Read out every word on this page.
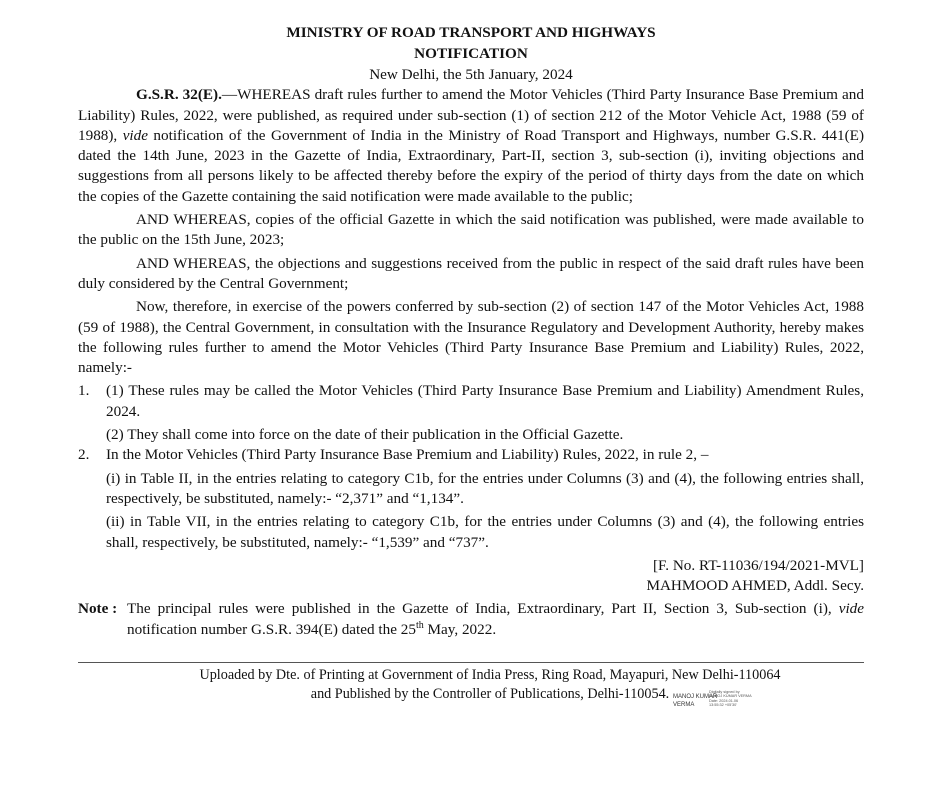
MINISTRY OF ROAD TRANSPORT AND HIGHWAYS
NOTIFICATION
New Delhi, the 5th January, 2024

G.S.R. 32(E).—WHEREAS draft rules further to amend the Motor Vehicles (Third Party Insurance Base Premium and Liability) Rules, 2022, were published, as required under sub-section (1) of section 212 of the Motor Vehicle Act, 1988 (59 of 1988), vide notification of the Government of India in the Ministry of Road Transport and Highways, number G.S.R. 441(E) dated the 14th June, 2023 in the Gazette of India, Extraordinary, Part-II, section 3, sub-section (i), inviting objections and suggestions from all persons likely to be affected thereby before the expiry of the period of thirty days from the date on which the copies of the Gazette containing the said notification were made available to the public;

AND WHEREAS, copies of the official Gazette in which the said notification was published, were made available to the public on the 15th June, 2023;

AND WHEREAS, the objections and suggestions received from the public in respect of the said draft rules have been duly considered by the Central Government;

Now, therefore, in exercise of the powers conferred by sub-section (2) of section 147 of the Motor Vehicles Act, 1988 (59 of 1988), the Central Government, in consultation with the Insurance Regulatory and Development Authority, hereby makes the following rules further to amend the Motor Vehicles (Third Party Insurance Base Premium and Liability) Rules, 2022, namely:-

1. (1) These rules may be called the Motor Vehicles (Third Party Insurance Base Premium and Liability) Amendment Rules, 2024.
(2) They shall come into force on the date of their publication in the Official Gazette.
2. In the Motor Vehicles (Third Party Insurance Base Premium and Liability) Rules, 2022, in rule 2, –
(i) in Table II, in the entries relating to category C1b, for the entries under Columns (3) and (4), the following entries shall, respectively, be substituted, namely:- “2,371” and “1,134”.
(ii) in Table VII, in the entries relating to category C1b, for the entries under Columns (3) and (4), the following entries shall, respectively, be substituted, namely:- “1,539” and “737”.
[F. No. RT-11036/194/2021-MVL]
MAHMOOD AHMED, Addl. Secy.
Note : The principal rules were published in the Gazette of India, Extraordinary, Part II, Section 3, Sub-section (i), vide notification number G.S.R. 394(E) dated the 25th May, 2022.
Uploaded by Dte. of Printing at Government of India Press, Ring Road, Mayapuri, New Delhi-110064
and Published by the Controller of Publications, Delhi-110054. MANOJ KUMAR
VERMA
Digitally signed by
MANOJ KUMAR VERMA
Date: 2024.01.06
13:55:32 +05'30'
